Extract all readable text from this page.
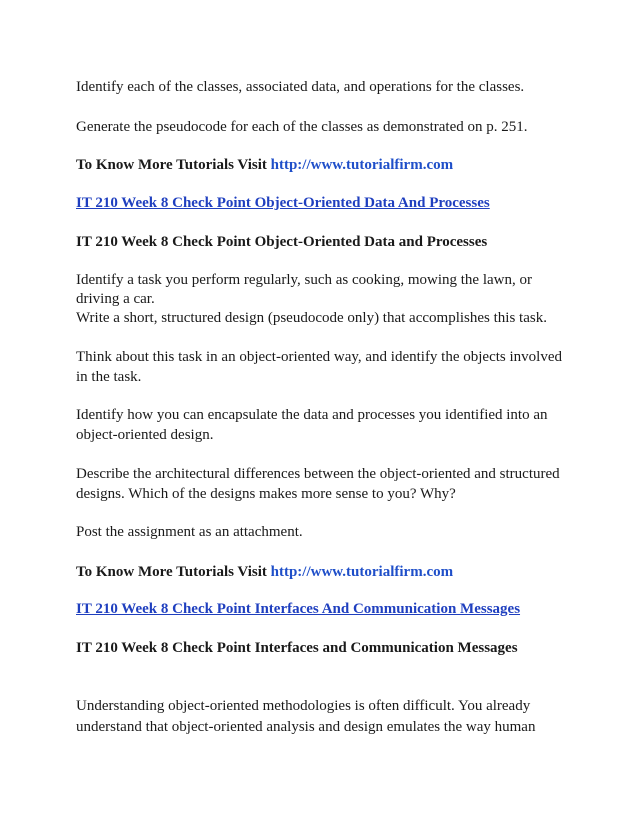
Identify each of the classes, associated data, and operations for the classes.

Generate the pseudocode for each of the classes as demonstrated on p. 251.

To Know More Tutorials Visit http://www.tutorialfirm.com

IT 210 Week 8 Check Point Object-Oriented Data And Processes

IT 210 Week 8 Check Point Object-Oriented Data and Processes

Identify a task you perform regularly, such as cooking, mowing the lawn, or

driving a car.

Write a short, structured design (pseudocode only) that accomplishes this task.

Think about this task in an object-oriented way, and identify the objects involved

in the task.

Identify how you can encapsulate the data and processes you identified into an

object-oriented design.

Describe the architectural differences between the object-oriented and structured

designs. Which of the designs makes more sense to you? Why?

Post the assignment as an attachment.

To Know More Tutorials Visit http://www.tutorialfirm.com

IT 210 Week 8 Check Point Interfaces And Communication Messages

IT 210 Week 8 Check Point Interfaces and Communication Messages

Understanding object-oriented methodologies is often difficult. You already

understand that object-oriented analysis and design emulates the way human
